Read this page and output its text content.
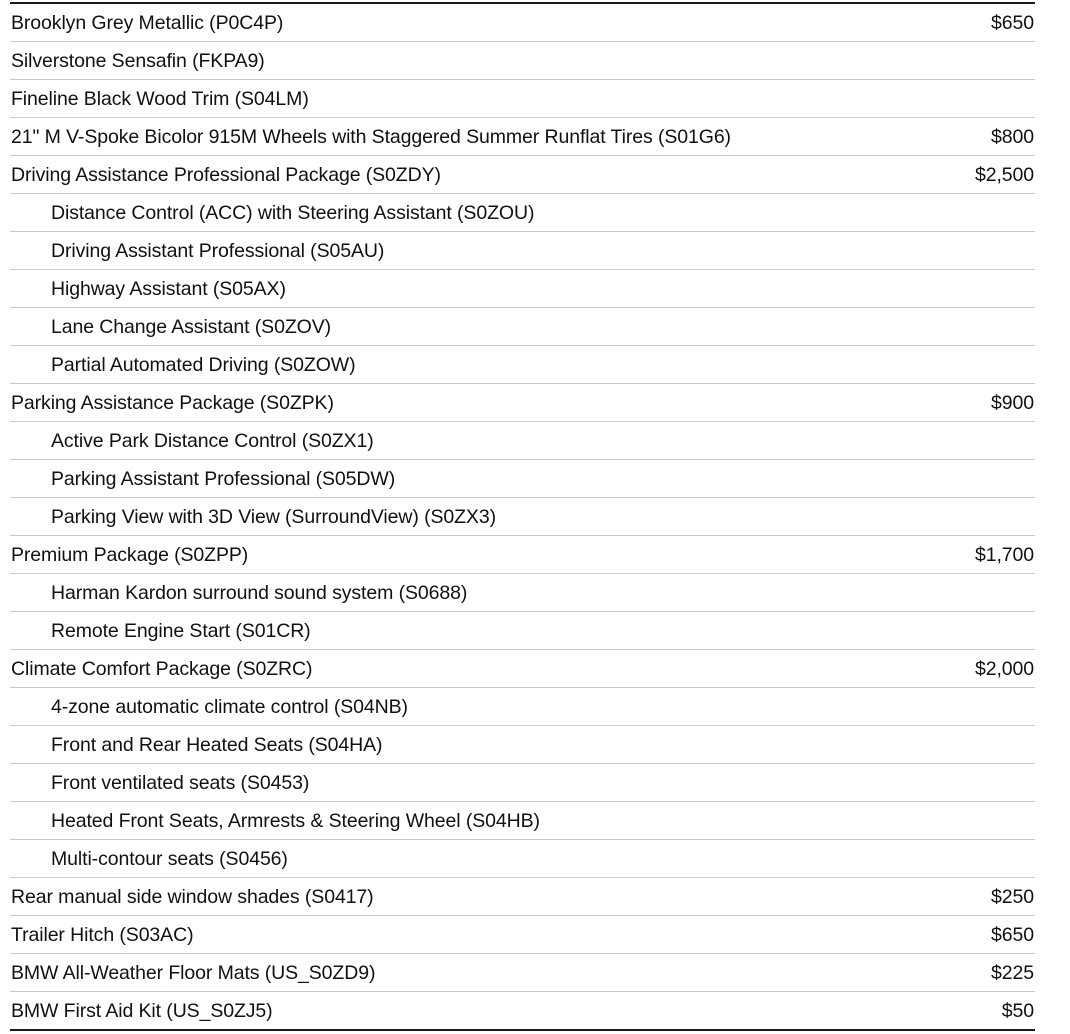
Brooklyn Grey Metallic (P0C4P)	$650
Silverstone Sensafin (FKPA9)
Fineline Black Wood Trim (S04LM)
21" M V-Spoke Bicolor 915M Wheels with Staggered Summer Runflat Tires (S01G6)	$800
Driving Assistance Professional Package (S0ZDY)	$2,500
Distance Control (ACC) with Steering Assistant (S0ZOU)
Driving Assistant Professional (S05AU)
Highway Assistant (S05AX)
Lane Change Assistant (S0ZOV)
Partial Automated Driving (S0ZOW)
Parking Assistance Package (S0ZPK)	$900
Active Park Distance Control (S0ZX1)
Parking Assistant Professional (S05DW)
Parking View with 3D View (SurroundView) (S0ZX3)
Premium Package (S0ZPP)	$1,700
Harman Kardon surround sound system (S0688)
Remote Engine Start (S01CR)
Climate Comfort Package (S0ZRC)	$2,000
4-zone automatic climate control (S04NB)
Front and Rear Heated Seats (S04HA)
Front ventilated seats (S0453)
Heated Front Seats, Armrests & Steering Wheel (S04HB)
Multi-contour seats (S0456)
Rear manual side window shades (S0417)	$250
Trailer Hitch (S03AC)	$650
BMW All-Weather Floor Mats (US_S0ZD9)	$225
BMW First Aid Kit (US_S0ZJ5)	$50
